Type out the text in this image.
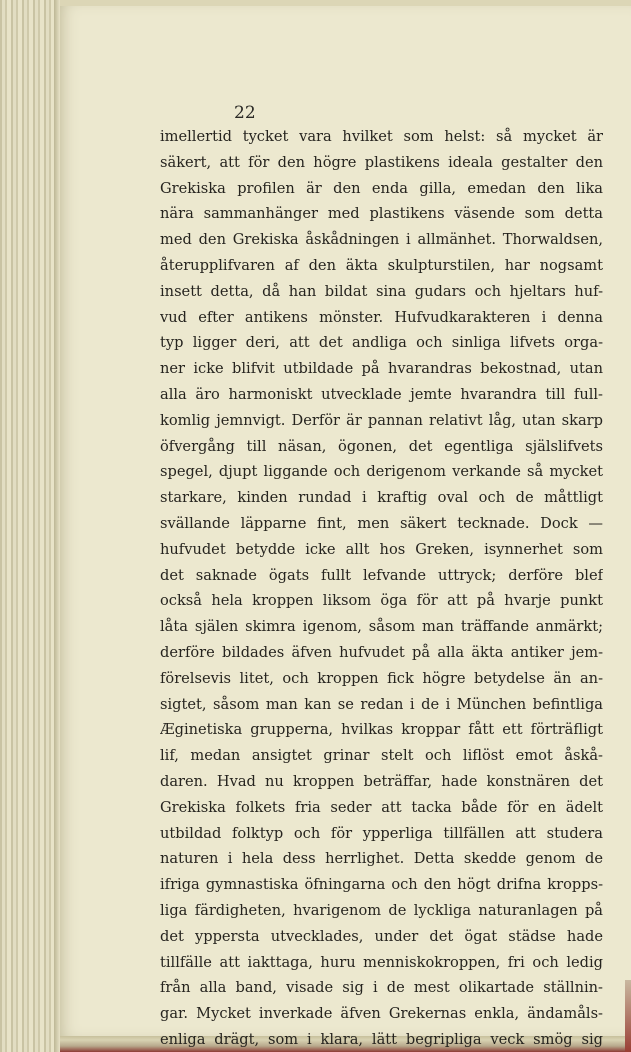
22
imellertid tycket vara hvilket som helst: så mycket är
säkert, att för den högre plastikens ideala gestalter den
Grekiska profilen är den enda gilla, emedan den lika
nära sammanhänger med plastikens väsende som detta
med den Grekiska åskådningen i allmänhet. Thorwaldsen,
återupplifvaren af den äkta skulpturstilen, har nogsamt
insett detta, då han bildat sina gudars och hjeltars huf-
vud efter antikens mönster. Hufvudkarakteren i denna
typ ligger deri, att det andliga och sinliga lifvets orga-
ner icke blifvit utbildade på hvarandras bekostnad, utan
alla äro harmoniskt utvecklade jemte hvarandra till full-
komlig jemnvigt. Derför är pannan relativt låg, utan skarp
öfvergång till näsan, ögonen, det egentliga själslifvets
spegel, djupt liggande och derigenom verkande så mycket
starkare, kinden rundad i kraftig oval och de måttligt
svällande läpparne fint, men säkert tecknade. Dock —
hufvudet betydde icke allt hos Greken, isynnerhet som
det saknade ögats fullt lefvande uttryck; derföre blef
också hela kroppen liksom öga för att på hvarje punkt
låta själen skimra igenom, såsom man träffande anmärkt;
derföre bildades äfven hufvudet på alla äkta antiker jem-
förelsevis litet, och kroppen fick högre betydelse än an-
sigtet, såsom man kan se redan i de i München befintliga
Æginetiska grupperna, hvilkas kroppar fått ett förträfligt
lif, medan ansigtet grinar stelt och liflöst emot åskå-
daren. Hvad nu kroppen beträffar, hade konstnären det
Grekiska folkets fria seder att tacka både för en ädelt
utbildad folktyp och för ypperliga tillfällen att studera
naturen i hela dess herrlighet. Detta skedde genom de
ifriga gymnastiska öfningarna och den högt drifna kropps-
liga färdigheten, hvarigenom de lyckliga naturanlagen på
det yppersta utvecklades, under det ögat städse hade
tillfälle att iakttaga, huru menniskokroppen, fri och ledig
från alla band, visade sig i de mest olikartade ställnin-
gar. Mycket inverkade äfven Grekernas enkla, ändamåls-
enliga drägt, som i klara, lätt begripliga veck smög sig
